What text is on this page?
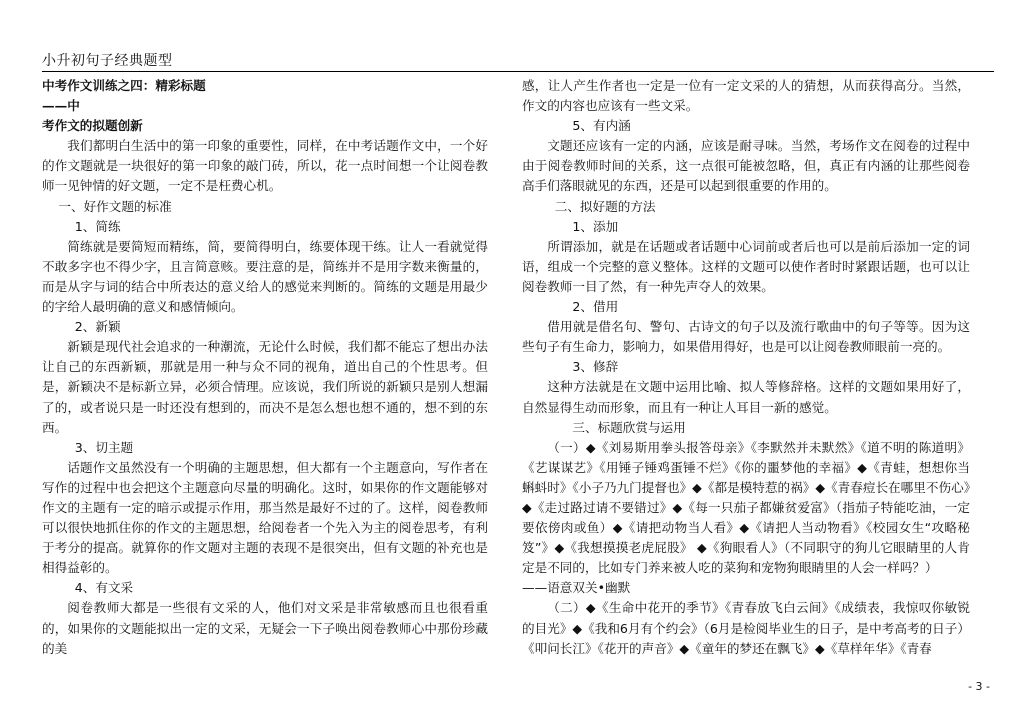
小升初句子经典题型

中考作文训练之四：精彩标题

——中

考作文的拟题创新

我们都明白生活中的第一印象的重要性，同样，在中考话题作文中，一个好的作文题就是一块很好的第一印象的敲门砖，所以，花一点时间想一个让阅卷教师一见钟情的好文题，一定不是枉费心机。

一、好作文题的标准

1、简练

简练就是要简短而精练，简，要简得明白，练要体现干练。让人一看就觉得不敢多字也不得少字，且言简意赅。要注意的是，简练并不是用字数来衡量的，而是从字与词的结合中所表达的意义给人的感觉来判断的。简练的文题是用最少的字给人最明确的意义和感情倾向。

2、新颖

新颖是现代社会追求的一种潮流，无论什么时候，我们都不能忘了想出办法让自己的东西新颖，那就是用一种与众不同的视角，道出自己的个性思考。但是，新颖决不是标新立异，必须合情理。应该说，我们所说的新颖只是别人想漏了的，或者说只是一时还没有想到的，而决不是怎么想也想不通的，想不到的东西。

3、切主题

话题作文虽然没有一个明确的主题思想，但大都有一个主题意向，写作者在写作的过程中也会把这个主题意向尽量的明确化。这时，如果你的作文题能够对作文的主题有一定的暗示或提示作用，那当然是最好不过的了。这样，阅卷教师可以很快地抓住你的作文的主题思想，给阅卷者一个先入为主的阅卷思考，有利于考分的提高。就算你的作文题对主题的表现不是很突出，但有文题的补充也是相得益彰的。

4、有文采

阅卷教师大都是一些很有文采的人，他们对文采是非常敏感而且也很看重的，如果你的文题能拟出一定的文采，无疑会一下子唤出阅卷教师心中那份珍藏的美

感，让人产生作者也一定是一位有一定文采的人的猜想，从而获得高分。当然，作文的内容也应该有一些文采。

5、有内涵

文题还应该有一定的内涵，应该是耐寻味。当然，考场作文在阅卷的过程中由于阅卷教师时间的关系，这一点很可能被忽略，但，真正有内涵的让那些阅卷高手们落眼就见的东西，还是可以起到很重要的作用的。

二、拟好题的方法

1、添加

所谓添加，就是在话题或者话题中心词前或者后也可以是前后添加一定的词语，组成一个完整的意义整体。这样的文题可以使作者时时紧跟话题，也可以让阅卷教师一目了然，有一种先声夺人的效果。

2、借用

借用就是借名句、警句、古诗文的句子以及流行歌曲中的句子等等。因为这些句子有生命力，影响力，如果借用得好，也是可以让阅卷教师眼前一亮的。

3、修辞

这种方法就是在文题中运用比喻、拟人等修辞格。这样的文题如果用好了，自然显得生动而形象，而且有一种让人耳目一新的感觉。

三、标题欣赏与运用

（一）◆《刘易斯用拳头报答母亲》《李默然并未默然》《道不明的陈道明》《艺谋谋艺》《用锤子锤鸡蛋锤不烂》《你的噩梦他的幸福》◆《青蛙，想想你当蝌蚪时》《小子乃九门提督也》◆《都是模特惹的祸》◆《青春痘长在哪里不伤心》◆《走过路过请不要错过》◆《每一只茄子都嫌贫爱富》（指茄子特能吃油，一定要依傍肉或鱼）◆《请把动物当人看》◆《请把人当动物看》《校园女生“攻略秘笈”》◆《我想摸摸老虎屁股》 ◆《狗眼看人》（不同职守的狗儿它眼睛里的人肯定是不同的，比如专门养来被人吃的菜狗和宠物狗眼睛里的人会一样吗？）

——语意双关•幽默

（二）◆《生命中花开的季节》《青春放飞白云间》《成绩表，我惊叹你敏锐的目光》◆《我和6月有个约会》（6月是检阅毕业生的日子，是中考高考的日子）《叩问长江》《花开的声音》◆《童年的梦还在飘飞》◆《草样年华》《青春

- 3 -
